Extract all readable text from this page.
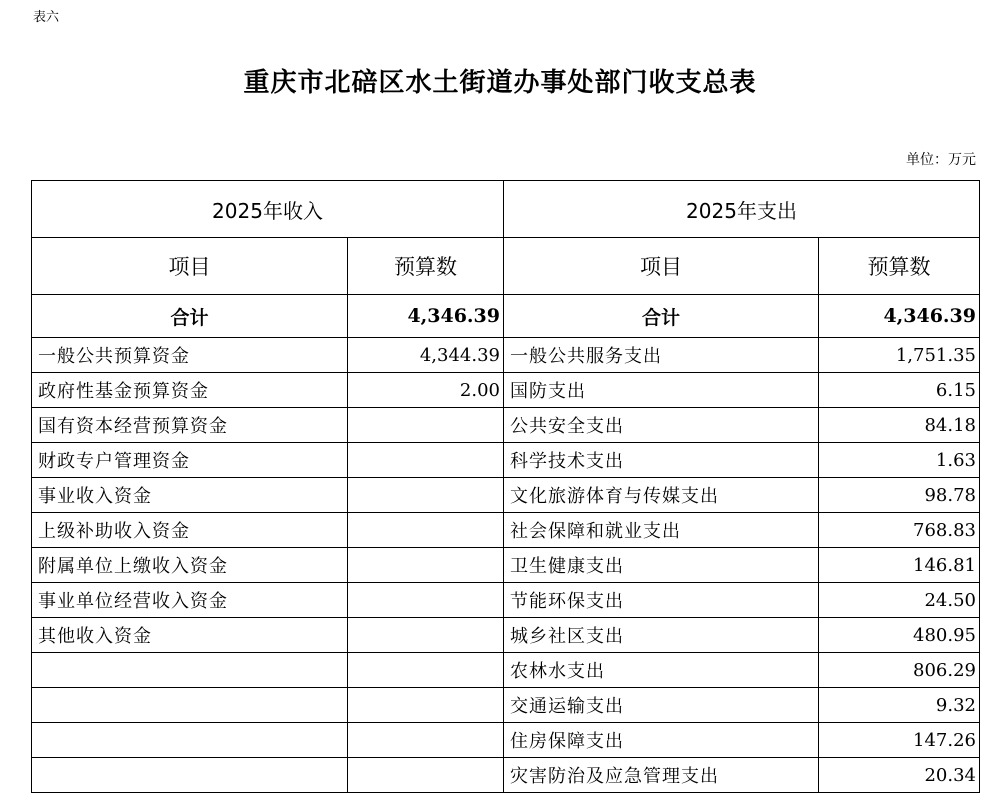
表六
重庆市北碚区水土街道办事处部门收支总表
单位：万元
2025年收入		2025年支出	
项目	预算数	项目	预算数
合计	4,346.39	合计	4,346.39
一般公共预算资金	4,344.39	一般公共服务支出	1,751.35
政府性基金预算资金	2.00	国防支出	6.15
国有资本经营预算资金		公共安全支出	84.18
财政专户管理资金		科学技术支出	1.63
事业收入资金		文化旅游体育与传媒支出	98.78
上级补助收入资金		社会保障和就业支出	768.83
附属单位上缴收入资金		卫生健康支出	146.81
事业单位经营收入资金		节能环保支出	24.50
其他收入资金		城乡社区支出	480.95
		农林水支出	806.29
		交通运输支出	9.32
		住房保障支出	147.26
		灾害防治及应急管理支出	20.34
